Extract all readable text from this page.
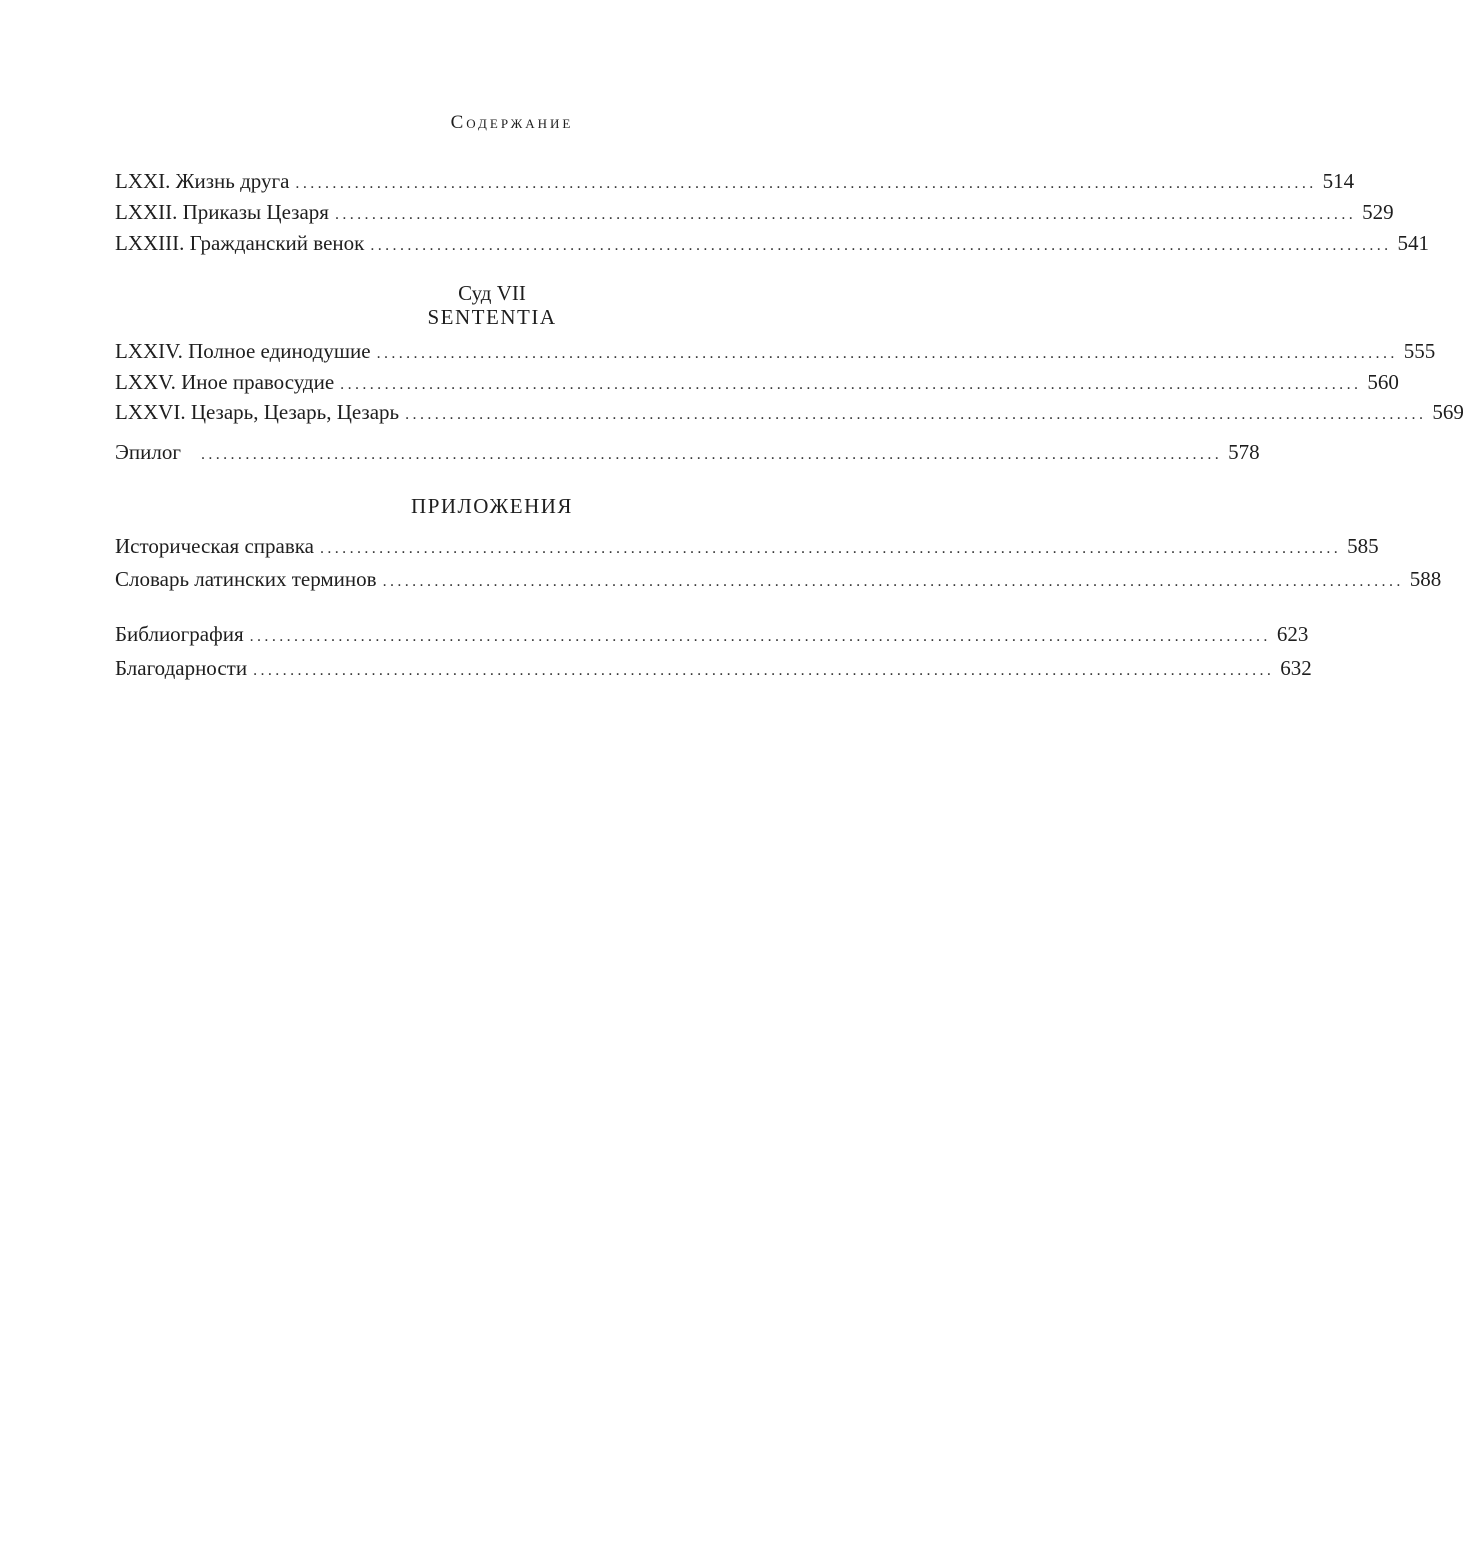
Содержание
LXXI. Жизнь друга .......................................................................................................................................... 514
LXXII. Приказы Цезаря .......................................................................................................................................... 529
LXXIII. Гражданский венок .......................................................................................................................................... 541
Суд VII
SENTENTIA
LXXIV. Полное единодушие .......................................................................................................................................... 555
LXXV. Иное правосудие .......................................................................................................................................... 560
LXXVI. Цезарь, Цезарь, Цезарь .......................................................................................................................................... 569
Эпилог .......................................................................................................................................... 578
ПРИЛОЖЕНИЯ
Историческая справка .......................................................................................................................................... 585
Словарь латинских терминов .......................................................................................................................................... 588
Библиография .......................................................................................................................................... 623
Благодарности .......................................................................................................................................... 632
